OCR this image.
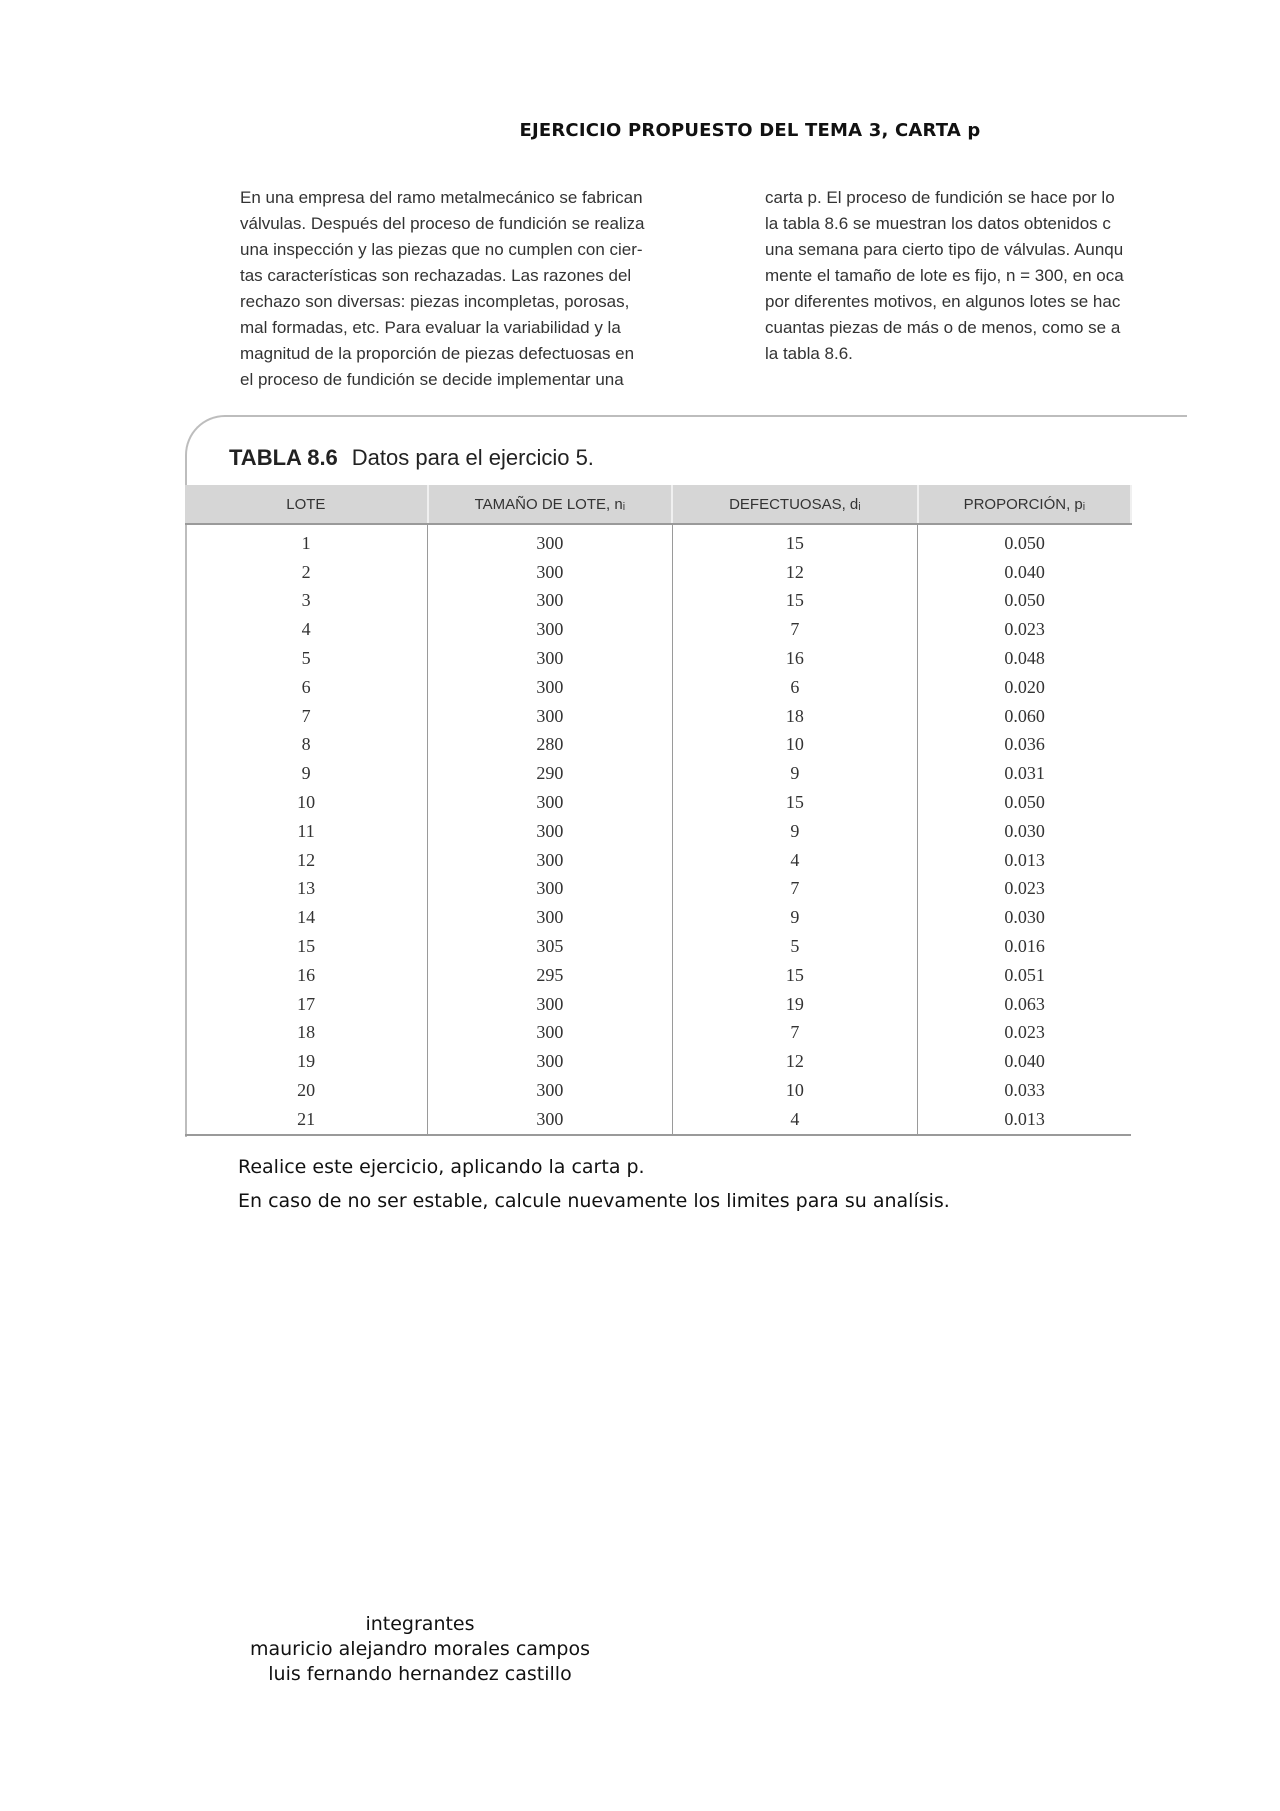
EJERCICIO PROPUESTO DEL TEMA 3, CARTA p
En una empresa del ramo metalmecánico se fabrican
válvulas. Después del proceso de fundición se realiza
una inspección y las piezas que no cumplen con cier-
tas características son rechazadas. Las razones del
rechazo son diversas: piezas incompletas, porosas,
mal formadas, etc. Para evaluar la variabilidad y la
magnitud de la proporción de piezas defectuosas en
el proceso de fundición se decide implementar una
carta p. El proceso de fundición se hace por lo
la tabla 8.6 se muestran los datos obtenidos c
una semana para cierto tipo de válvulas. Aunqu
mente el tamaño de lote es fijo, n = 300, en oca
por diferentes motivos, en algunos lotes se hac
cuantas piezas de más o de menos, como se a
la tabla 8.6.
TABLA 8.6 Datos para el ejercicio 5.
LOTE	TAMAÑO DE LOTE, nᵢ	DEFECTUOSAS, dᵢ	PROPORCIÓN, pᵢ
1	300	15	0.050
2	300	12	0.040
3	300	15	0.050
4	300	7	0.023
5	300	16	0.048
6	300	6	0.020
7	300	18	0.060
8	280	10	0.036
9	290	9	0.031
10	300	15	0.050
11	300	9	0.030
12	300	4	0.013
13	300	7	0.023
14	300	9	0.030
15	305	5	0.016
16	295	15	0.051
17	300	19	0.063
18	300	7	0.023
19	300	12	0.040
20	300	10	0.033
21	300	4	0.013
Realice este ejercicio, aplicando la carta p.
En caso de no ser estable, calcule nuevamente los limites para su analísis.
integrantes
mauricio alejandro morales campos
luis fernando hernandez castillo
